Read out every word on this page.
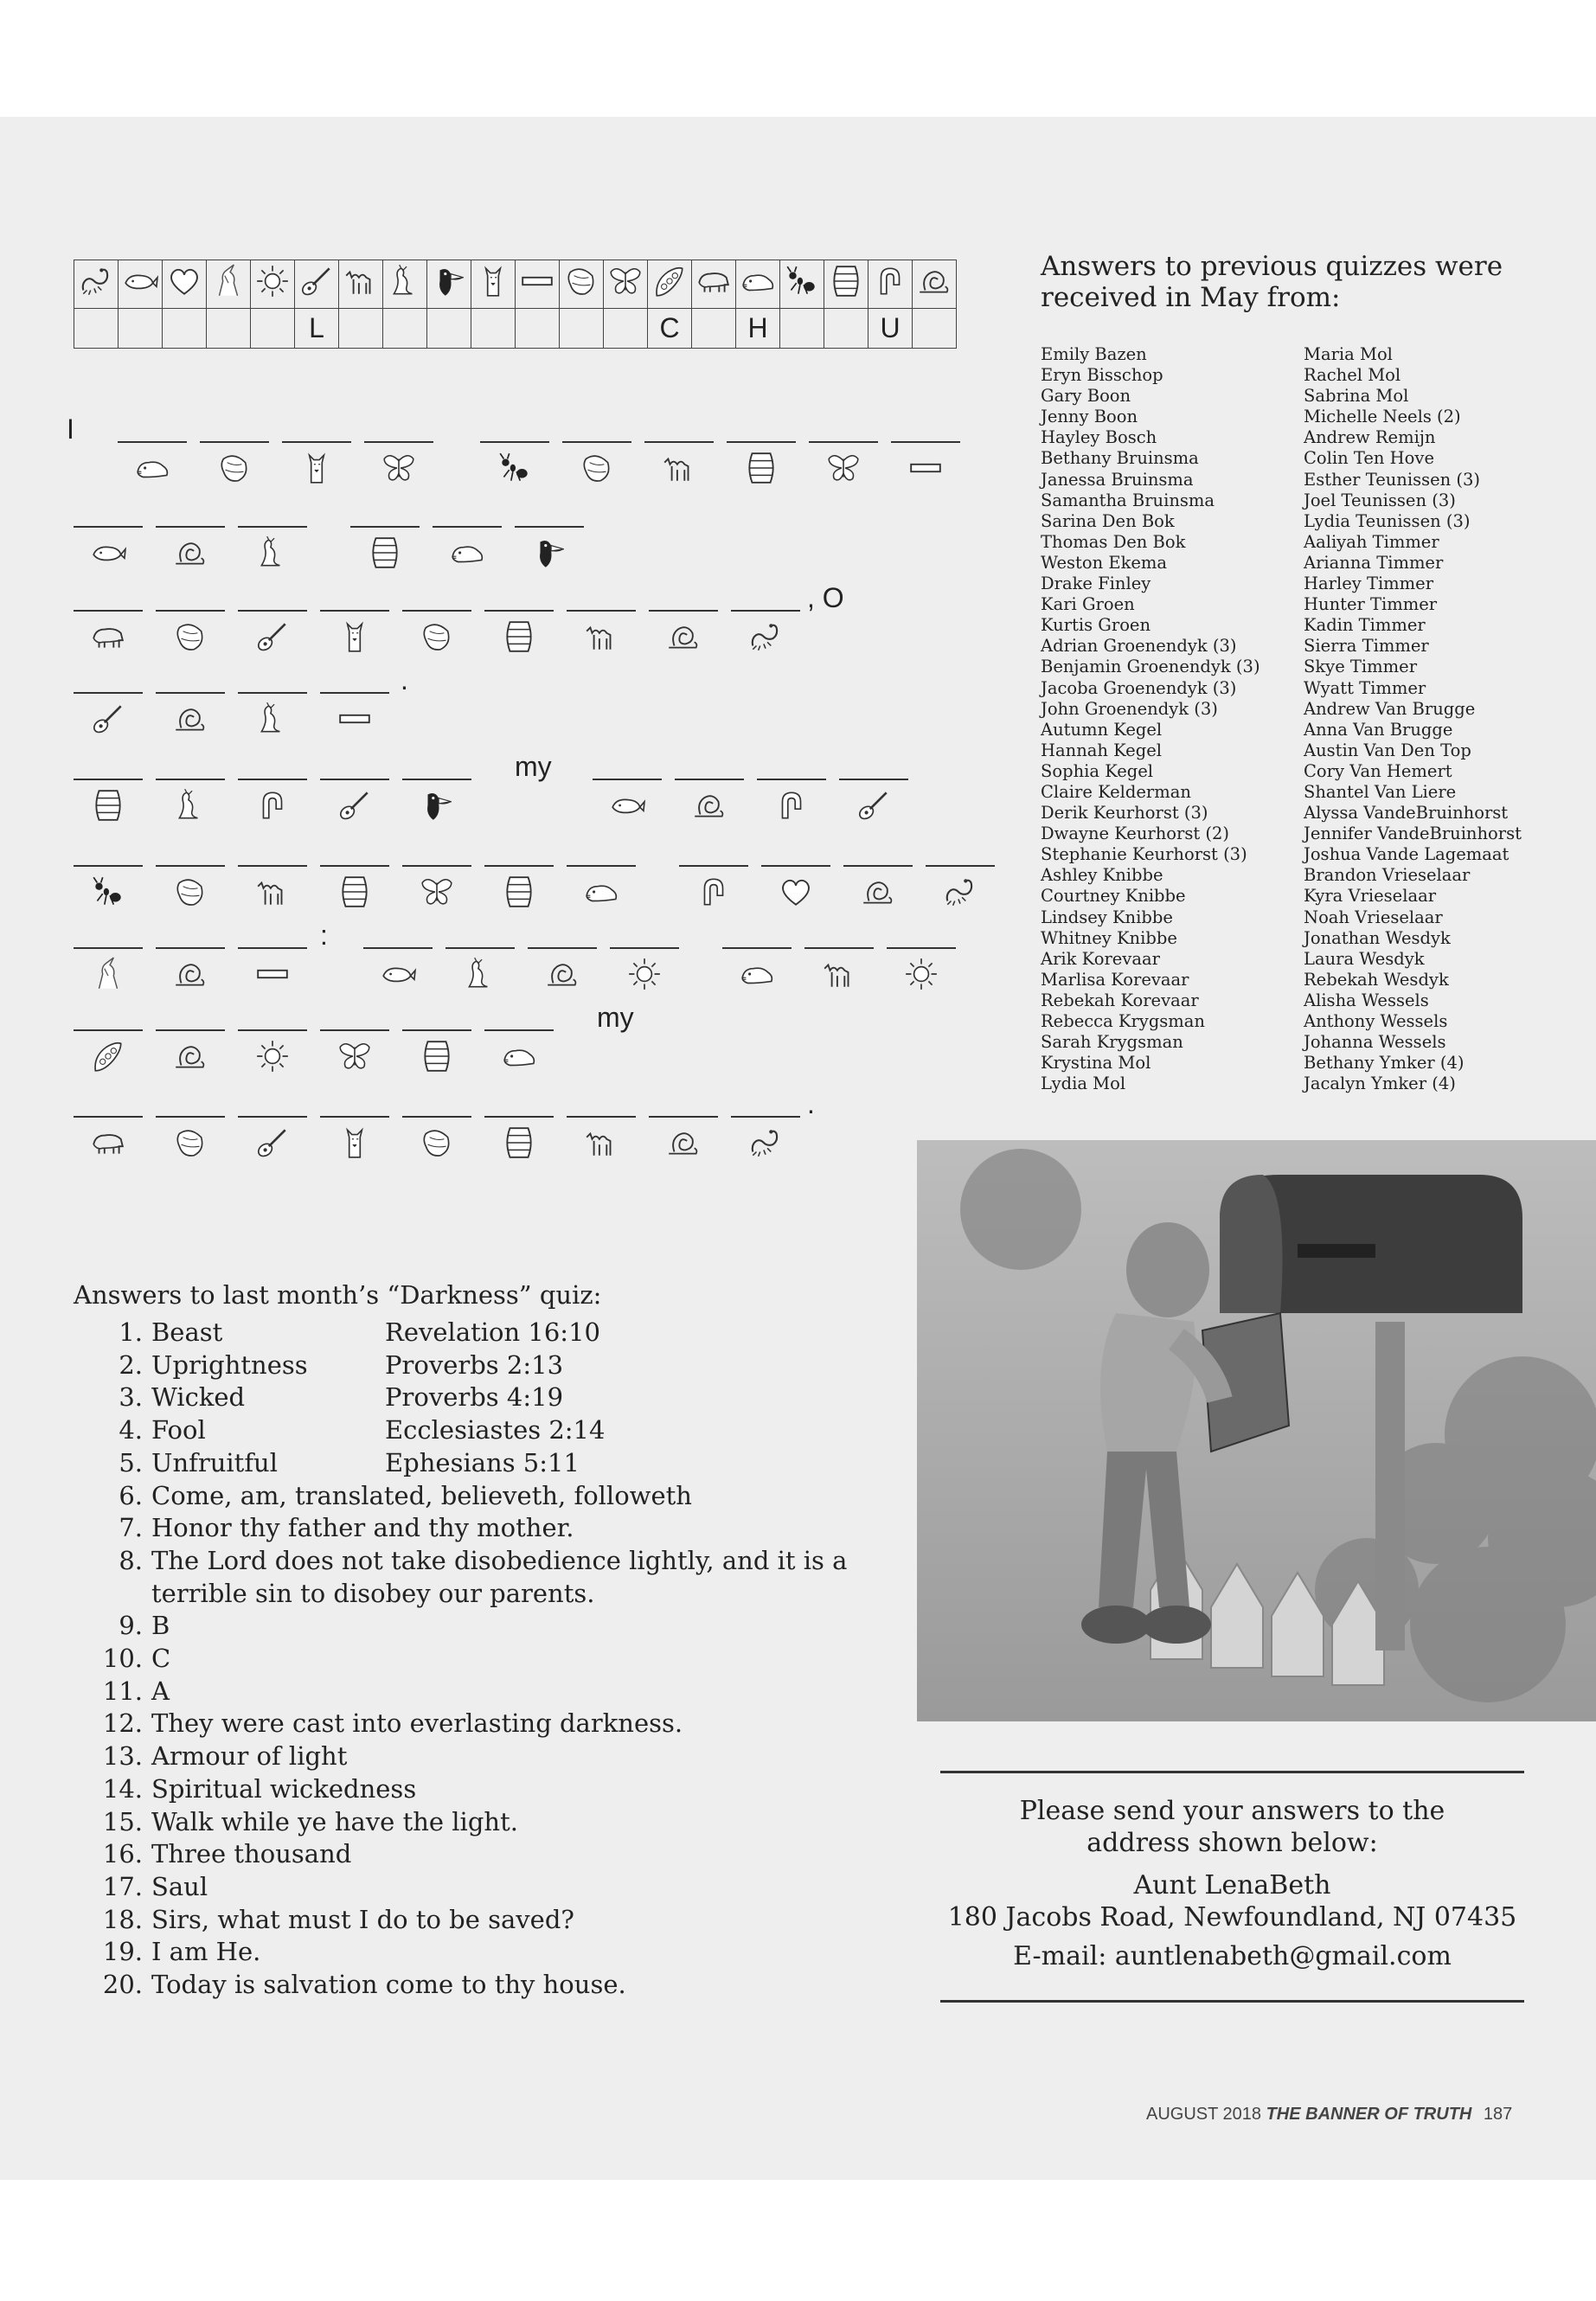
					L								C		H			U	
I
, O
.
my
:
my
.
Answers to previous quizzes were received in May from:
Emily Bazen
Eryn Bisschop
Gary Boon
Jenny Boon
Hayley Bosch
Bethany Bruinsma
Janessa Bruinsma
Samantha Bruinsma
Sarina Den Bok
Thomas Den Bok
Weston Ekema
Drake Finley
Kari Groen
Kurtis Groen
Adrian Groenendyk (3)
Benjamin Groenendyk (3)
Jacoba Groenendyk (3)
John Groenendyk (3)
Autumn Kegel
Hannah Kegel
Sophia Kegel
Claire Kelderman
Derik Keurhorst (3)
Dwayne Keurhorst (2)
Stephanie Keurhorst (3)
Ashley Knibbe
Courtney Knibbe
Lindsey Knibbe
Whitney Knibbe
Arik Korevaar
Marlisa Korevaar
Rebekah Korevaar
Rebecca Krygsman
Sarah Krygsman
Krystina Mol
Lydia Mol
Maria Mol
Rachel Mol
Sabrina Mol
Michelle Neels (2)
Andrew Remijn
Colin Ten Hove
Esther Teunissen (3)
Joel Teunissen (3)
Lydia Teunissen (3)
Aaliyah Timmer
Arianna Timmer
Harley Timmer
Hunter Timmer
Kadin Timmer
Sierra Timmer
Skye Timmer
Wyatt Timmer
Andrew Van Brugge
Anna Van Brugge
Austin Van Den Top
Cory Van Hemert
Shantel Van Liere
Alyssa VandeBruinhorst
Jennifer VandeBruinhorst
Joshua Vande Lagemaat
Brandon Vrieselaar
Kyra Vrieselaar
Noah Vrieselaar
Jonathan Wesdyk
Laura Wesdyk
Rebekah Wesdyk
Alisha Wessels
Anthony Wessels
Johanna Wessels
Bethany Ymker (4)
Jacalyn Ymker (4)
Answers to last month’s “Darkness” quiz:
1. Beast	Revelation 16:10
2. Uprightness	Proverbs 2:13
3. Wicked	Proverbs 4:19
4. Fool	Ecclesiastes 2:14
5. Unfruitful	Ephesians 5:11
6. Come, am, translated, believeth, followeth
7. Honor thy father and thy mother.
8. The Lord does not take disobedience lightly, and it is a terrible sin to disobey our parents.
9. B
10. C
11. A
12. They were cast into everlasting darkness.
13. Armour of light
14. Spiritual wickedness
15. Walk while ye have the light.
16. Three thousand
17. Saul
18. Sirs, what must I do to be saved?
19. I am He.
20. Today is salvation come to thy house.
Please send your answers to the
address shown below:
Aunt LenaBeth
180 Jacobs Road, Newfoundland, NJ 07435
E-mail: auntlenabeth@gmail.com
AUGUST 2018 THE BANNER OF TRUTH 187
